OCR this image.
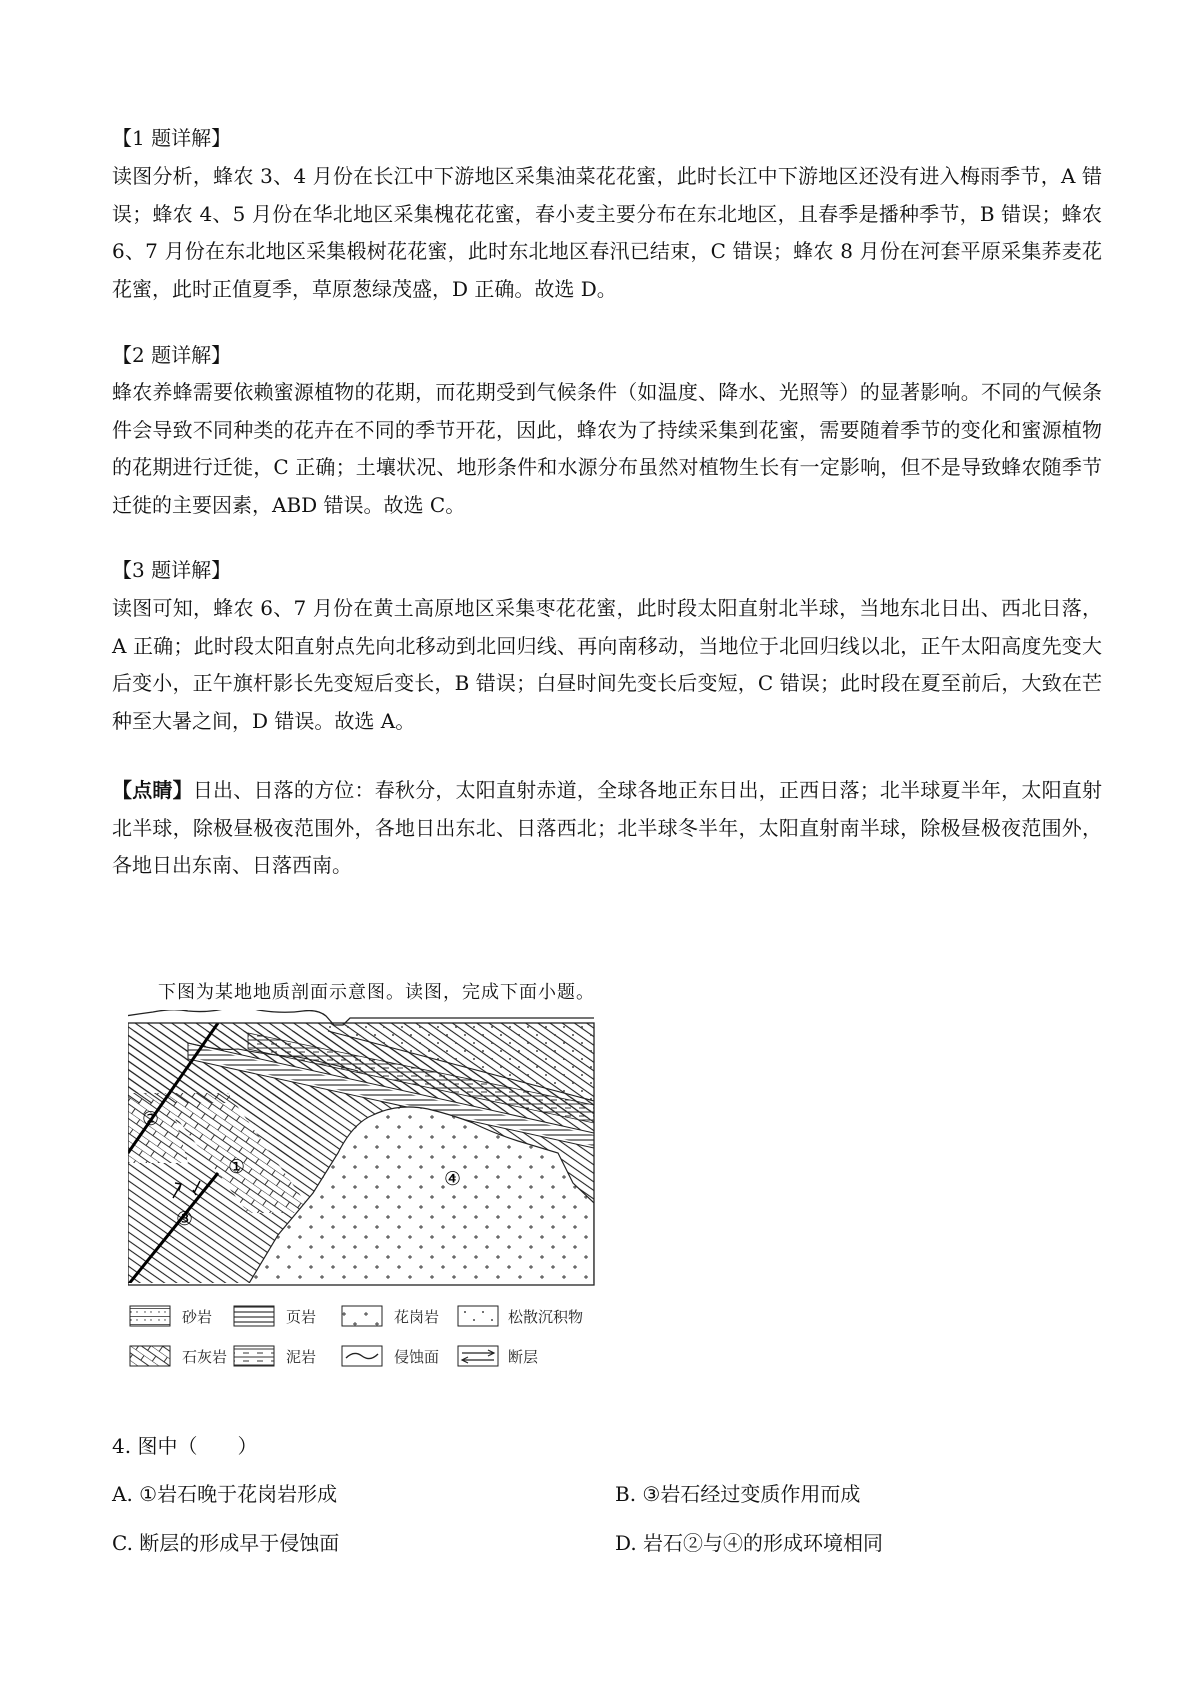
【1 题详解】
读图分析，蜂农 3、4 月份在长江中下游地区采集油菜花花蜜，此时长江中下游地区还没有进入梅雨季节，A 错误；蜂农 4、5 月份在华北地区采集槐花花蜜，春小麦主要分布在东北地区，且春季是播种季节，B 错误；蜂农 6、7 月份在东北地区采集椴树花花蜜，此时东北地区春汛已结束，C 错误；蜂农 8 月份在河套平原采集荞麦花花蜜，此时正值夏季，草原葱绿茂盛，D 正确。故选 D。
【2 题详解】
蜂农养蜂需要依赖蜜源植物的花期，而花期受到气候条件（如温度、降水、光照等）的显著影响。不同的气候条件会导致不同种类的花卉在不同的季节开花，因此，蜂农为了持续采集到花蜜，需要随着季节的变化和蜜源植物的花期进行迁徙，C 正确；土壤状况、地形条件和水源分布虽然对植物生长有一定影响，但不是导致蜂农随季节迁徙的主要因素，ABD 错误。故选 C。
【3 题详解】
读图可知，蜂农 6、7 月份在黄土高原地区采集枣花花蜜，此时段太阳直射北半球，当地东北日出、西北日落，A 正确；此时段太阳直射点先向北移动到北回归线、再向南移动，当地位于北回归线以北，正午太阳高度先变大后变小，正午旗杆影长先变短后变长，B 错误；白昼时间先变长后变短，C 错误；此时段在夏至前后，大致在芒种至大暑之间，D 错误。故选 A。
【点睛】日出、日落的方位：春秋分，太阳直射赤道，全球各地正东日出，正西日落；北半球夏半年，太阳直射北半球，除极昼极夜范围外，各地日出东北、日落西北；北半球冬半年，太阳直射南半球，除极昼极夜范围外，各地日出东南、日落西南。
下图为某地地质剖面示意图。读图，完成下面小题。
②
①
③
④
砂岩	页岩	花岗岩	松散沉积物
石灰岩	泥岩	侵蚀面	断层
4. 图中（　　）
A. ①岩石晚于花岗岩形成	B. ③岩石经过变质作用而成
C. 断层的形成早于侵蚀面	D. 岩石②与④的形成环境相同
